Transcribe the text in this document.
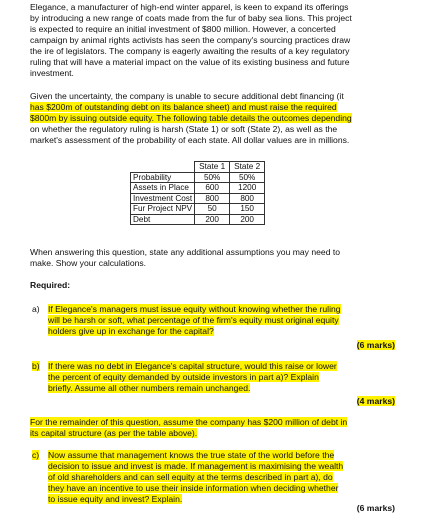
Elegance, a manufacturer of high-end winter apparel, is keen to expand its offerings
by introducing a new range of coats made from the fur of baby sea lions. This project
is expected to require an initial investment of $800 million. However, a concerted
campaign by animal rights activists has seen the company's sourcing practices draw
the ire of legislators. The company is eagerly awaiting the results of a key regulatory
ruling that will have a material impact on the value of its existing business and future
investment.
Given the uncertainty, the company is unable to secure additional debt financing (it
has $200m of outstanding debt on its balance sheet) and must raise the required
$800m by issuing outside equity. The following table details the outcomes depending
on whether the regulatory ruling is harsh (State 1) or soft (State 2), as well as the
market's assessment of the probability of each state. All dollar values are in millions.
	State 1	State 2
Probability	50%	50%
Assets in Place	600	1200
Investment Cost	800	800
Fur Project NPV	50	150
Debt	200	200
When answering this question, state any additional assumptions you may need to
make. Show your calculations.
Required:
a) If Elegance's managers must issue equity without knowing whether the ruling
will be harsh or soft, what percentage of the firm's equity must original equity
holders give up in exchange for the capital?
(6 marks)
b) If there was no debt in Elegance's capital structure, would this raise or lower
the percent of equity demanded by outside investors in part a)? Explain
briefly. Assume all other numbers remain unchanged.
(4 marks)
For the remainder of this question, assume the company has $200 million of debt in
its capital structure (as per the table above).
c) Now assume that management knows the true state of the world before the
decision to issue and invest is made. If management is maximising the wealth
of old shareholders and can sell equity at the terms described in part a), do
they have an incentive to use their inside information when deciding whether
to issue equity and invest? Explain.
(6 marks)
